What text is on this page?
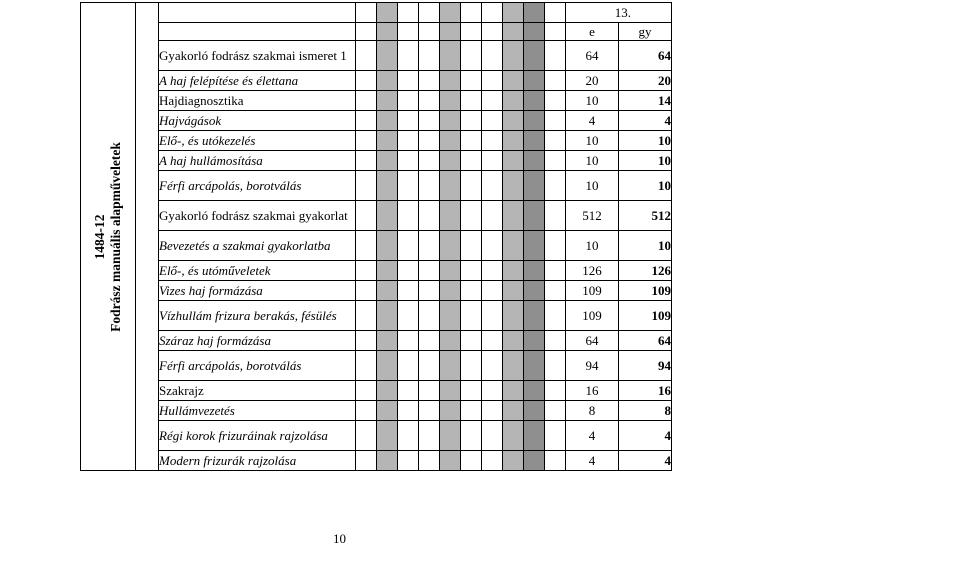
1484-12 Fodrász manuális alapműveletek													13.	
													e	gy
		Gyakorló fodrász szakmai ismeret 1											64	64
		A haj felépítése és élettana											20	20
		Hajdiagnosztika											10	14
		Hajvágások											4	4
		Elő-, és utókezelés											10	10
		A haj hullámosítása											10	10
		Férfi arcápolás, borotválás											10	10
		Gyakorló fodrász szakmai gyakorlat											512	512
		Bevezetés a szakmai gyakorlatba											10	10
		Elő-, és utóműveletek											126	126
		Vizes haj formázása											109	109
		Vízhullám frizura berakás, fésülés											109	109
		Száraz haj formázása											64	64
		Férfi arcápolás, borotválás											94	94
		Szakrajz											16	16
		Hullámvezetés											8	8
		Régi korok frizuráinak rajzolása											4	4
		Modern frizurák rajzolása											4	4
10
